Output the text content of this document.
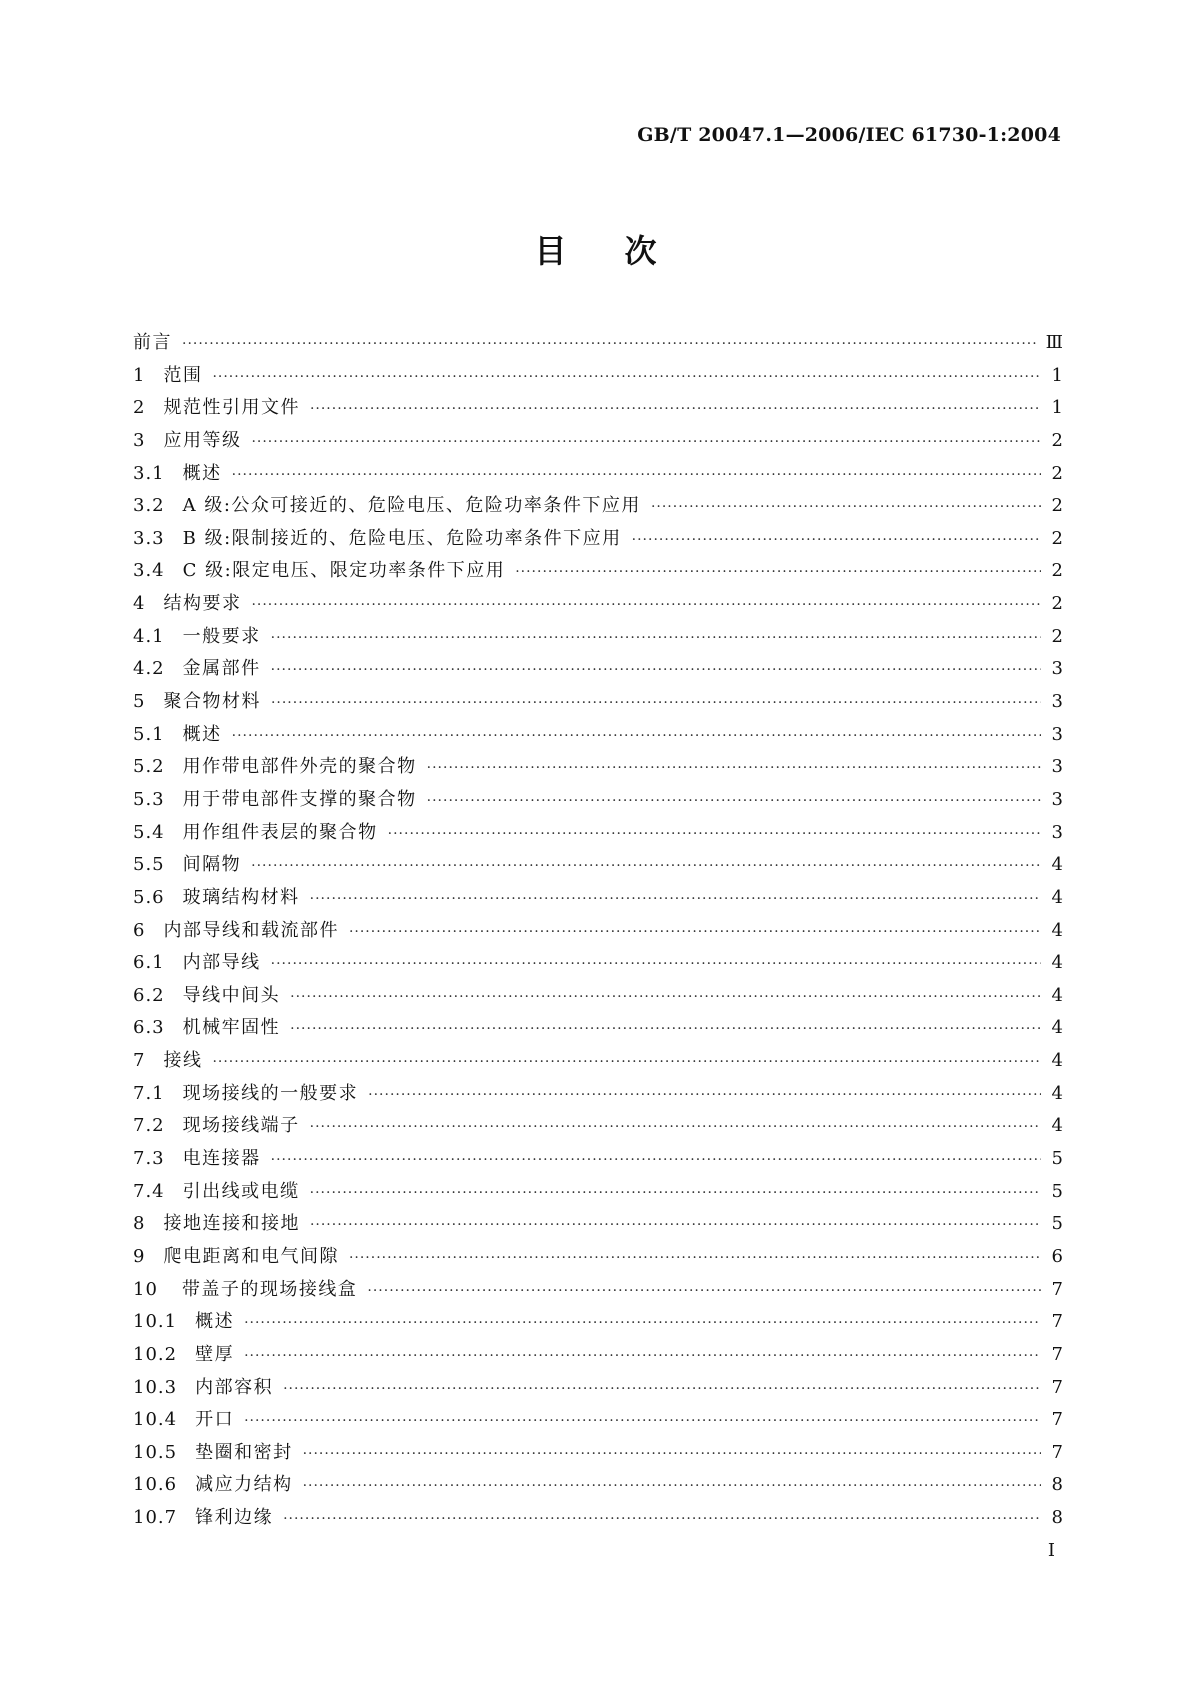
GB/T 20047.1—2006/IEC 61730-1:2004
目 次
前言 ·····	Ⅲ
1 范围 ·····	1
2 规范性引用文件 ·····	1
3 应用等级 ·····	2
3.1 概述 ·····	2
3.2 A 级:公众可接近的、危险电压、危险功率条件下应用 ·····	2
3.3 B 级:限制接近的、危险电压、危险功率条件下应用 ·····	2
3.4 C 级:限定电压、限定功率条件下应用 ·····	2
4 结构要求 ·····	2
4.1 一般要求 ·····	2
4.2 金属部件 ·····	3
5 聚合物材料 ·····	3
5.1 概述 ·····	3
5.2 用作带电部件外壳的聚合物 ·····	3
5.3 用于带电部件支撑的聚合物 ·····	3
5.4 用作组件表层的聚合物 ·····	3
5.5 间隔物 ·····	4
5.6 玻璃结构材料 ·····	4
6 内部导线和载流部件 ·····	4
6.1 内部导线 ·····	4
6.2 导线中间头 ·····	4
6.3 机械牢固性 ·····	4
7 接线 ·····	4
7.1 现场接线的一般要求 ·····	4
7.2 现场接线端子 ·····	4
7.3 电连接器 ·····	5
7.4 引出线或电缆 ·····	5
8 接地连接和接地 ·····	5
9 爬电距离和电气间隙 ·····	6
10 带盖子的现场接线盒 ·····	7
10.1 概述 ·····	7
10.2 壁厚 ·····	7
10.3 内部容积 ·····	7
10.4 开口 ·····	7
10.5 垫圈和密封 ·····	7
10.6 减应力结构 ·····	8
10.7 锋利边缘 ·····	8
I
